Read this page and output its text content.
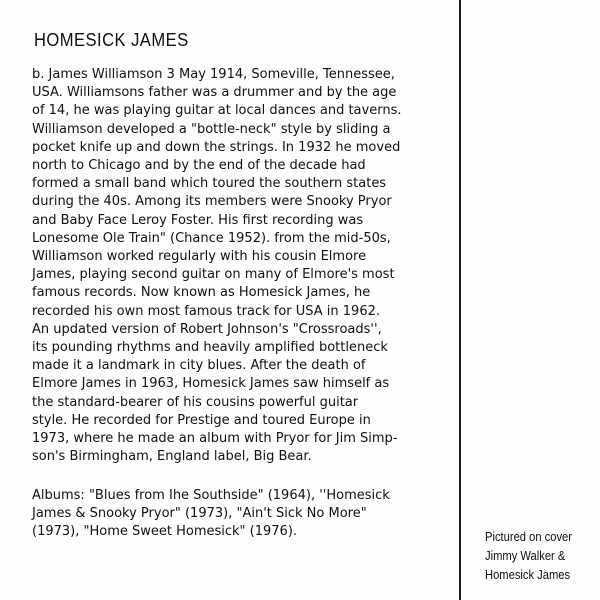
HOMESICK JAMES
b. James Williamson 3 May 1914, Someville, Tennessee,
USA. Williamsons father was a drummer and by the age
of 14, he was playing guitar at local dances and taverns.
Williamson developed a "bottle-neck" style by sliding a
pocket knife up and down the strings. In 1932 he moved
north to Chicago and by the end of the decade had
formed a small band which toured the southern states
during the 40s. Among its members were Snooky Pryor
and Baby Face Leroy Foster. His first recording was
Lonesome Ole Train" (Chance 1952). from the mid-50s,
Williamson worked regularly with his cousin Elmore
James, playing second guitar on many of Elmore's most
famous records. Now known as Homesick James, he
recorded his own most famous track for USA in 1962.
An updated version of Robert Johnson's "Crossroads'',
its pounding rhythms and heavily amplified bottleneck
made it a landmark in city blues. After the death of
Elmore James in 1963, Homesick James saw himself as
the standard-bearer of his cousins powerful guitar
style. He recorded for Prestige and toured Europe in
1973, where he made an album with Pryor for Jim Simp-
son's Birmingham, England label, Big Bear.
Albums: "Blues from Ihe Southside" (1964), ''Homesick
James & Snooky Pryor" (1973), "Ain't Sick No More"
(1973), "Home Sweet Homesick" (1976).	Pictured on cover
Jimmy Walker &
Homesick James
